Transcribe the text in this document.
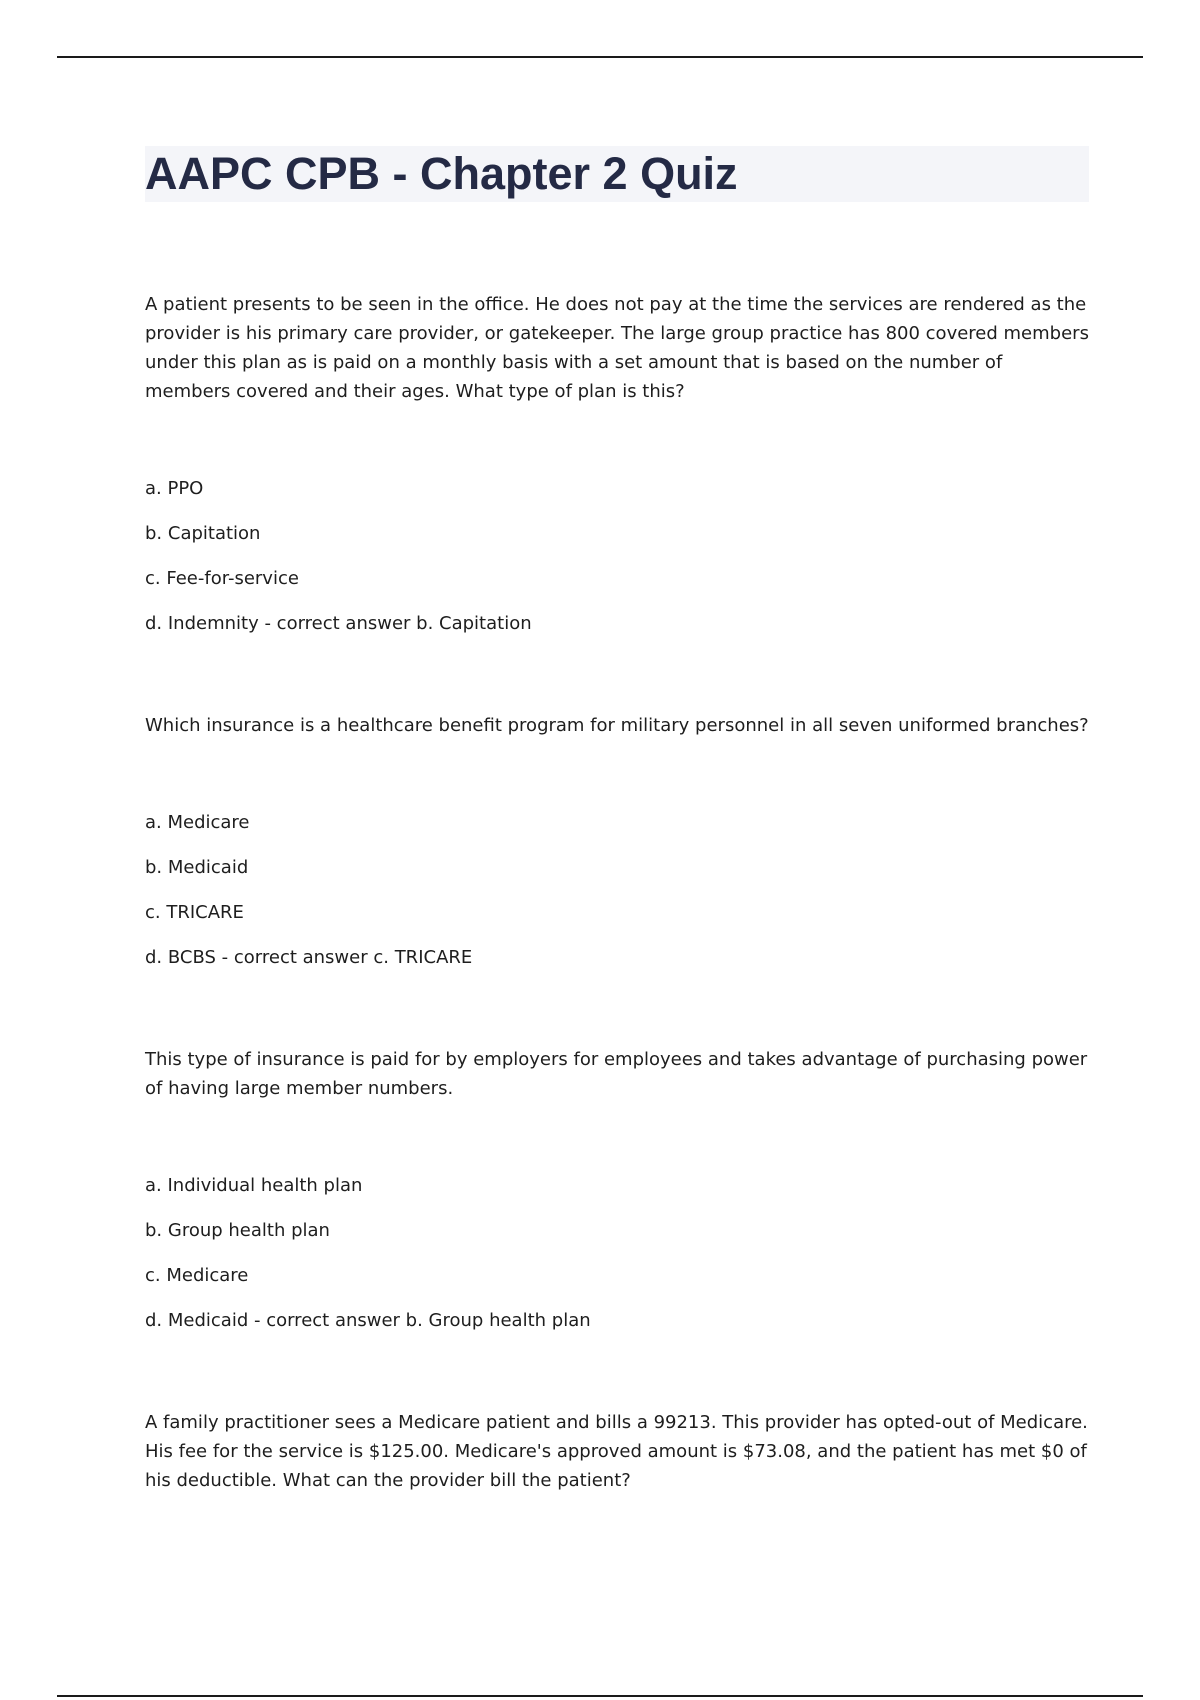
AAPC CPB - Chapter 2 Quiz

A patient presents to be seen in the office. He does not pay at the time the services are rendered as the provider is his primary care provider, or gatekeeper. The large group practice has 800 covered members under this plan as is paid on a monthly basis with a set amount that is based on the number of members covered and their ages. What type of plan is this?

a. PPO
b. Capitation
c. Fee-for-service
d. Indemnity - correct answer b. Capitation

Which insurance is a healthcare benefit program for military personnel in all seven uniformed branches?

a. Medicare
b. Medicaid
c. TRICARE
d. BCBS - correct answer c. TRICARE

This type of insurance is paid for by employers for employees and takes advantage of purchasing power of having large member numbers.

a. Individual health plan
b. Group health plan
c. Medicare
d. Medicaid - correct answer b. Group health plan

A family practitioner sees a Medicare patient and bills a 99213. This provider has opted-out of Medicare. His fee for the service is $125.00. Medicare's approved amount is $73.08, and the patient has met $0 of his deductible. What can the provider bill the patient?
